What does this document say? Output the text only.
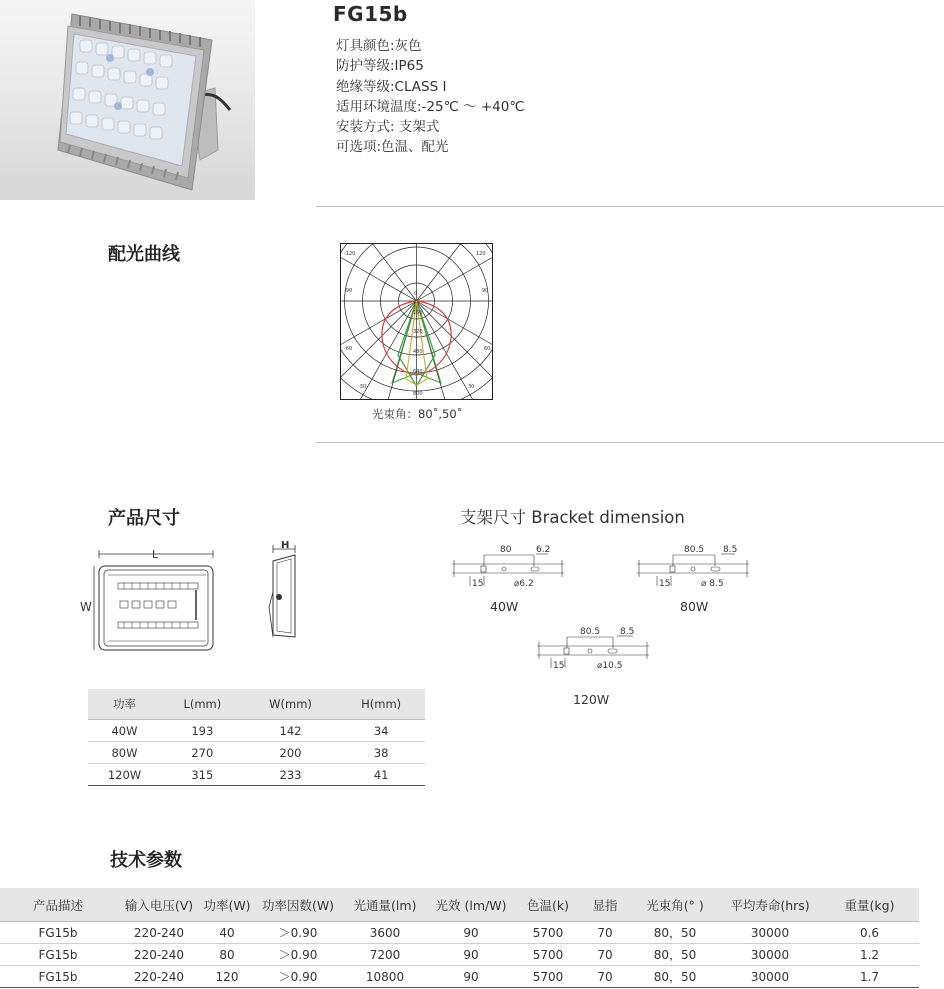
FG15b
灯具颜色:灰色
防护等级:IP65
绝缘等级:CLASS Ⅰ
适用环境温度:-25℃ ～ +40℃
安装方式: 支架式
可选项:色温、配光
配光曲线	-120	120
-90	90
-60	60
-30	30
0
160
320
480
640
800
光束角：80˚,50˚
产品尺寸
L
W
H
功率	L(mm)	W(mm)	H(mm)
40W	193	142	34
80W	270	200	38
120W	315	233	41
支架尺寸 Bracket dimension
80	6.2
15	⌀6.2
40W
80.5 8.5
15	⌀ 8.5
80W
80.5 8.5
15	⌀10.5
120W
技术参数
产品描述	输入电压(V)	功率(W)	功率因数(W)	光通量(lm)	光效 (lm/W)	色温(k)	显指	光束角(° )	平均寿命(hrs)	重量(kg)
FG15b	220-240	40	＞0.90	3600	90	5700	70	80，50	30000	0.6
FG15b	220-240	80	＞0.90	7200	90	5700	70	80，50	30000	1.2
FG15b	220-240	120	＞0.90	10800	90	5700	70	80，50	30000	1.7
